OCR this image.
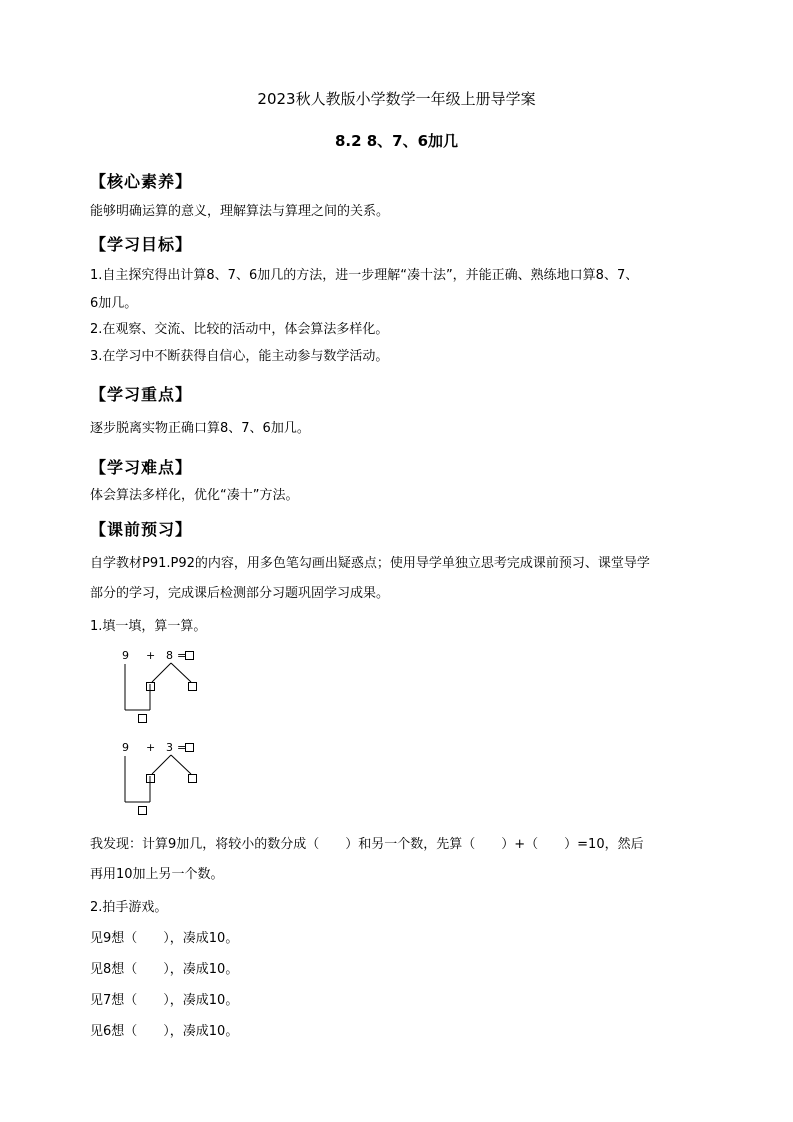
2023秋人教版小学数学一年级上册导学案
8.2 8、7、6加几
【核心素养】
能够明确运算的意义，理解算法与算理之间的关系。
【学习目标】
1.自主探究得出计算8、7、6加几的方法，进一步理解“凑十法”，并能正确、熟练地口算8、7、
6加几。
2.在观察、交流、比较的活动中，体会算法多样化。
3.在学习中不断获得自信心，能主动参与数学活动。
【学习重点】
逐步脱离实物正确口算8、7、6加几。
【学习难点】
体会算法多样化，优化“凑十”方法。
【课前预习】
自学教材P91.P92的内容，用多色笔勾画出疑惑点；使用导学单独立思考完成课前预习、课堂导学
部分的学习，完成课后检测部分习题巩固学习成果。
1.填一填，算一算。
9 + 8 =
9 + 3 =
我发现：计算9加几，将较小的数分成（　　）和另一个数，先算（　　）+（　　）=10，然后
再用10加上另一个数。
2.拍手游戏。
见9想（　　），凑成10。
见8想（　　），凑成10。
见7想（　　），凑成10。
见6想（　　），凑成10。
